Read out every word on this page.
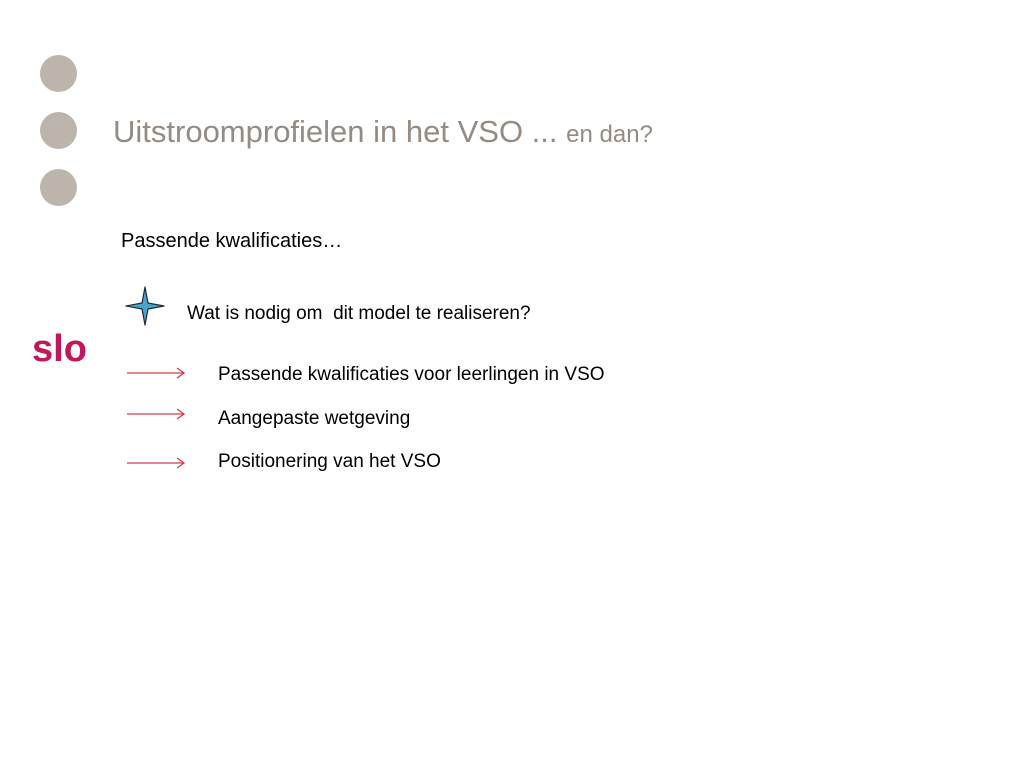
slo
Uitstroomprofielen in het VSO ... en dan?
Passende kwalificaties…
Wat is nodig om  dit model te realiseren?
Passende kwalificaties voor leerlingen in VSO
Aangepaste wetgeving
Positionering van het VSO
